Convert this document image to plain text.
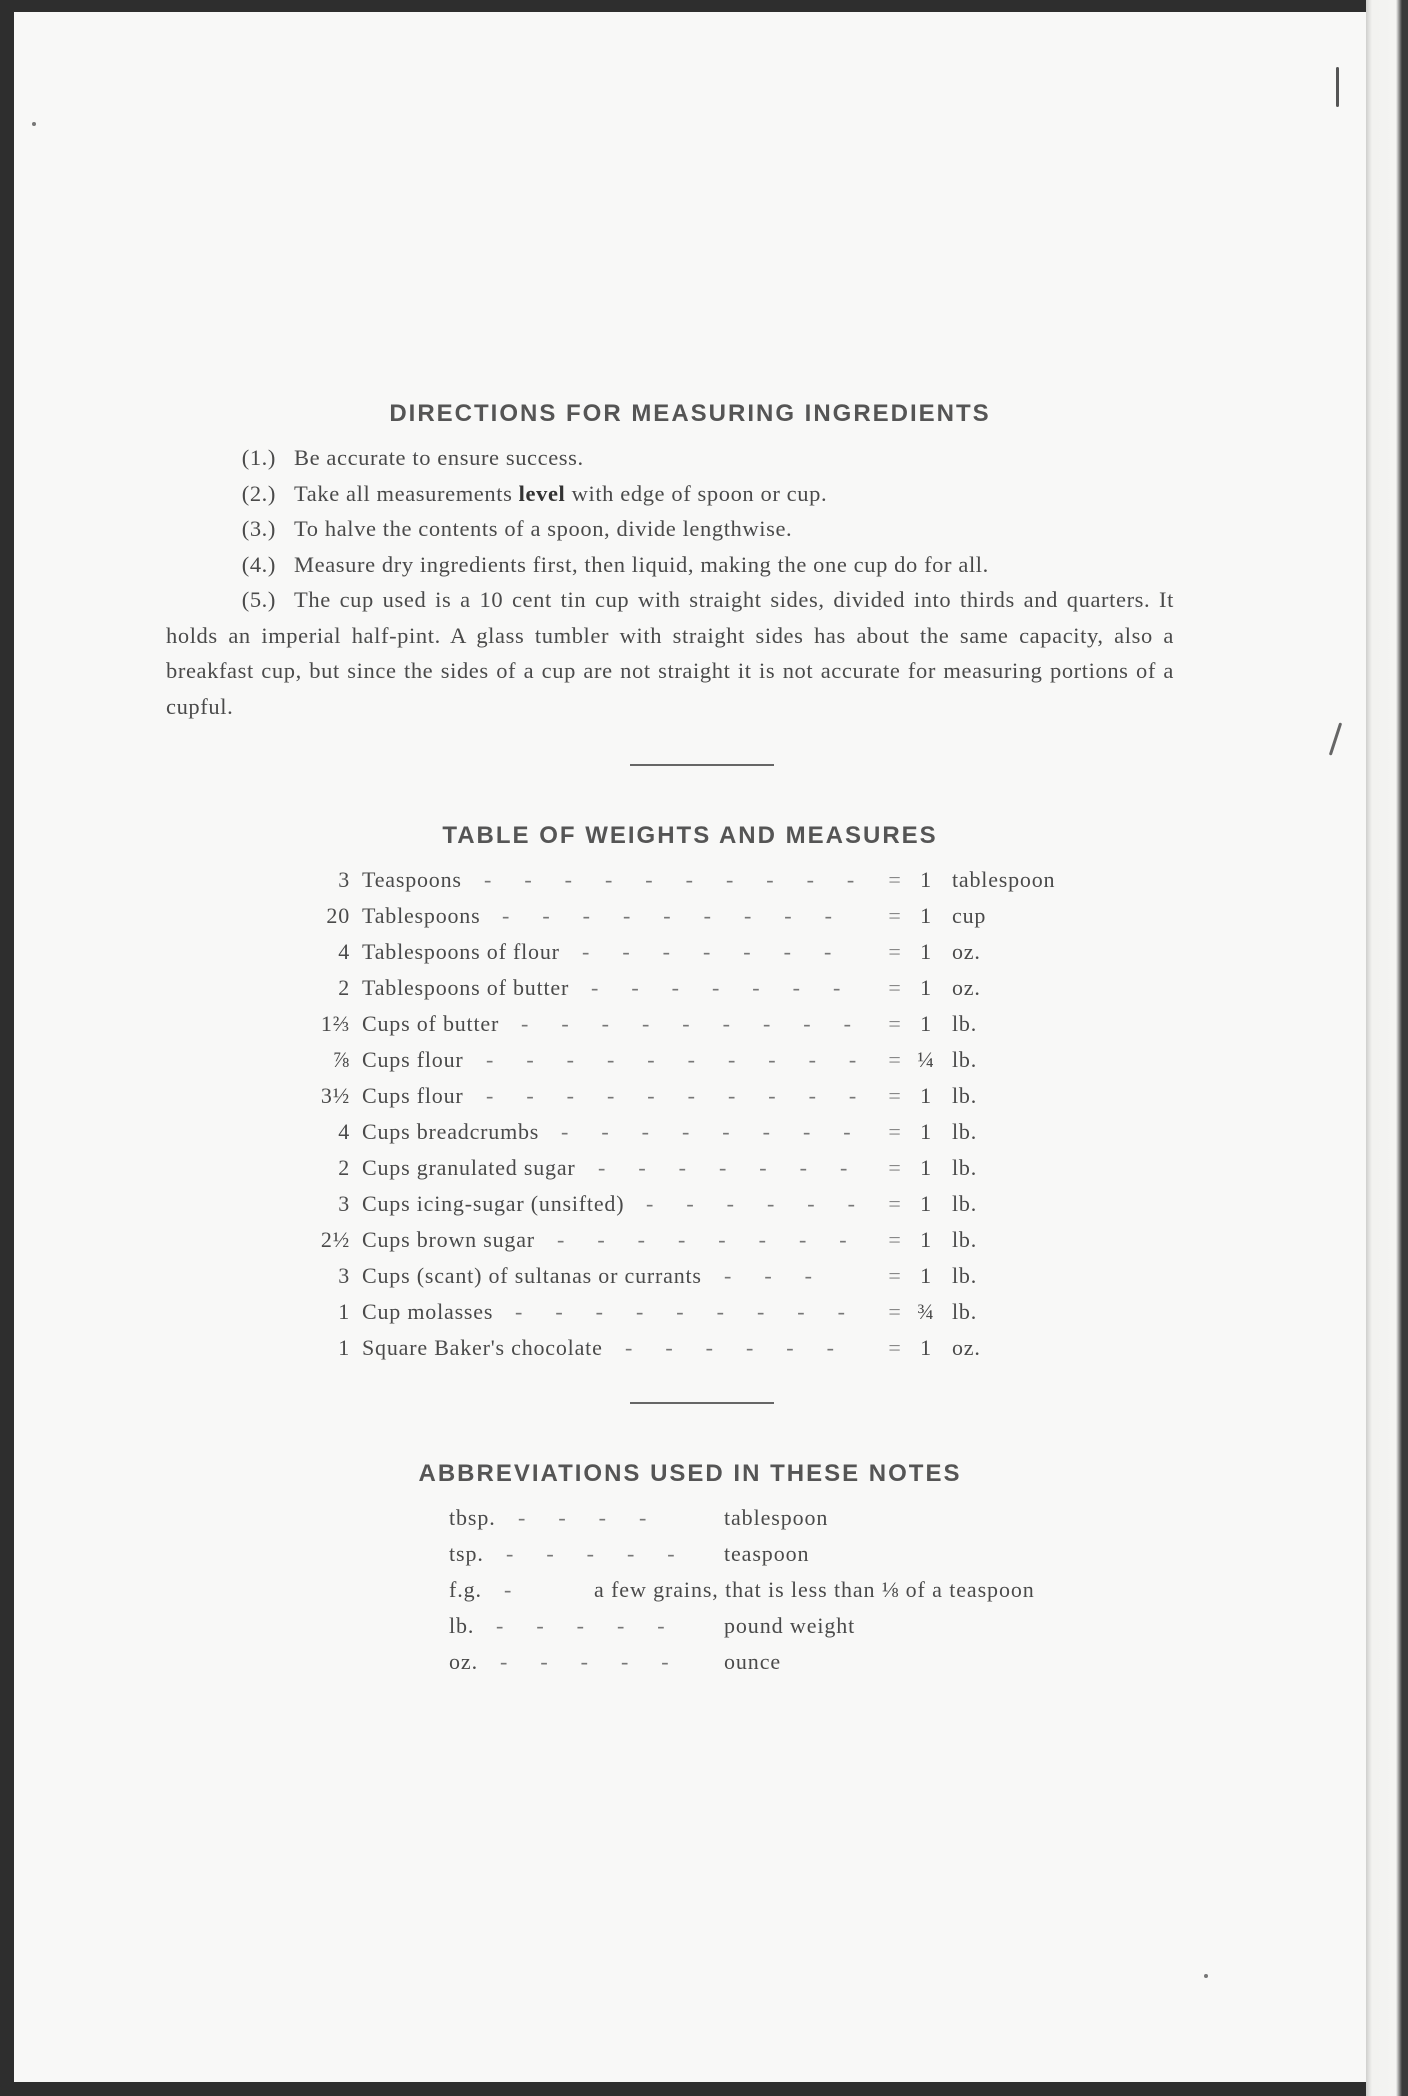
DIRECTIONS FOR MEASURING INGREDIENTS
(1.) Be accurate to ensure success.
(2.) Take all measurements level with edge of spoon or cup.
(3.) To halve the contents of a spoon, divide lengthwise.
(4.) Measure dry ingredients first, then liquid, making the one cup do for all.
(5.) The cup used is a 10 cent tin cup with straight sides, divided into thirds and quarters. It holds an imperial half-pint. A glass tumbler with straight sides has about the same capacity, also a breakfast cup, but since the sides of a cup are not straight it is not accurate for measuring portions of a cupful.
TABLE OF WEIGHTS AND MEASURES
3 Teaspoons -  -  -  -  -  -  -  -  -  -   = 1 tablespoon
20 Tablespoons -  -  -  -  -  -  -  -  -   = 1 cup
4 Tablespoons of flour -  -  -  -  -  -  -   = 1 oz.
2 Tablespoons of butter -  -  -  -  -  -  -   = 1 oz.
1⅔ Cups of butter -  -  -  -  -  -  -  -  -   = 1 lb.
⅞ Cups flour -  -  -  -  -  -  -  -  -  -   = ¼ lb.
3½ Cups flour -  -  -  -  -  -  -  -  -  -   = 1 lb.
4 Cups breadcrumbs -  -  -  -  -  -  -  -   = 1 lb.
2 Cups granulated sugar -  -  -  -  -  -  -   = 1 lb.
3 Cups icing-sugar (unsifted) -  -  -  -  -  -   = 1 lb.
2½ Cups brown sugar -  -  -  -  -  -  -  -   = 1 lb.
3 Cups (scant) of sultanas or currants -  -  -   = 1 lb.
1 Cup molasses -  -  -  -  -  -  -  -  -   = ¾ lb.
1 Square Baker's chocolate -  -  -  -  -  -   = 1 oz.
ABBREVIATIONS USED IN THESE NOTES
tbsp. -  -  -  -   tablespoon
tsp. -  -  -  -  -   teaspoon
f.g. -   a few grains, that is less than ⅛ of a teaspoon
lb. -  -  -  -  -   pound weight
oz. -  -  -  -  -   ounce
